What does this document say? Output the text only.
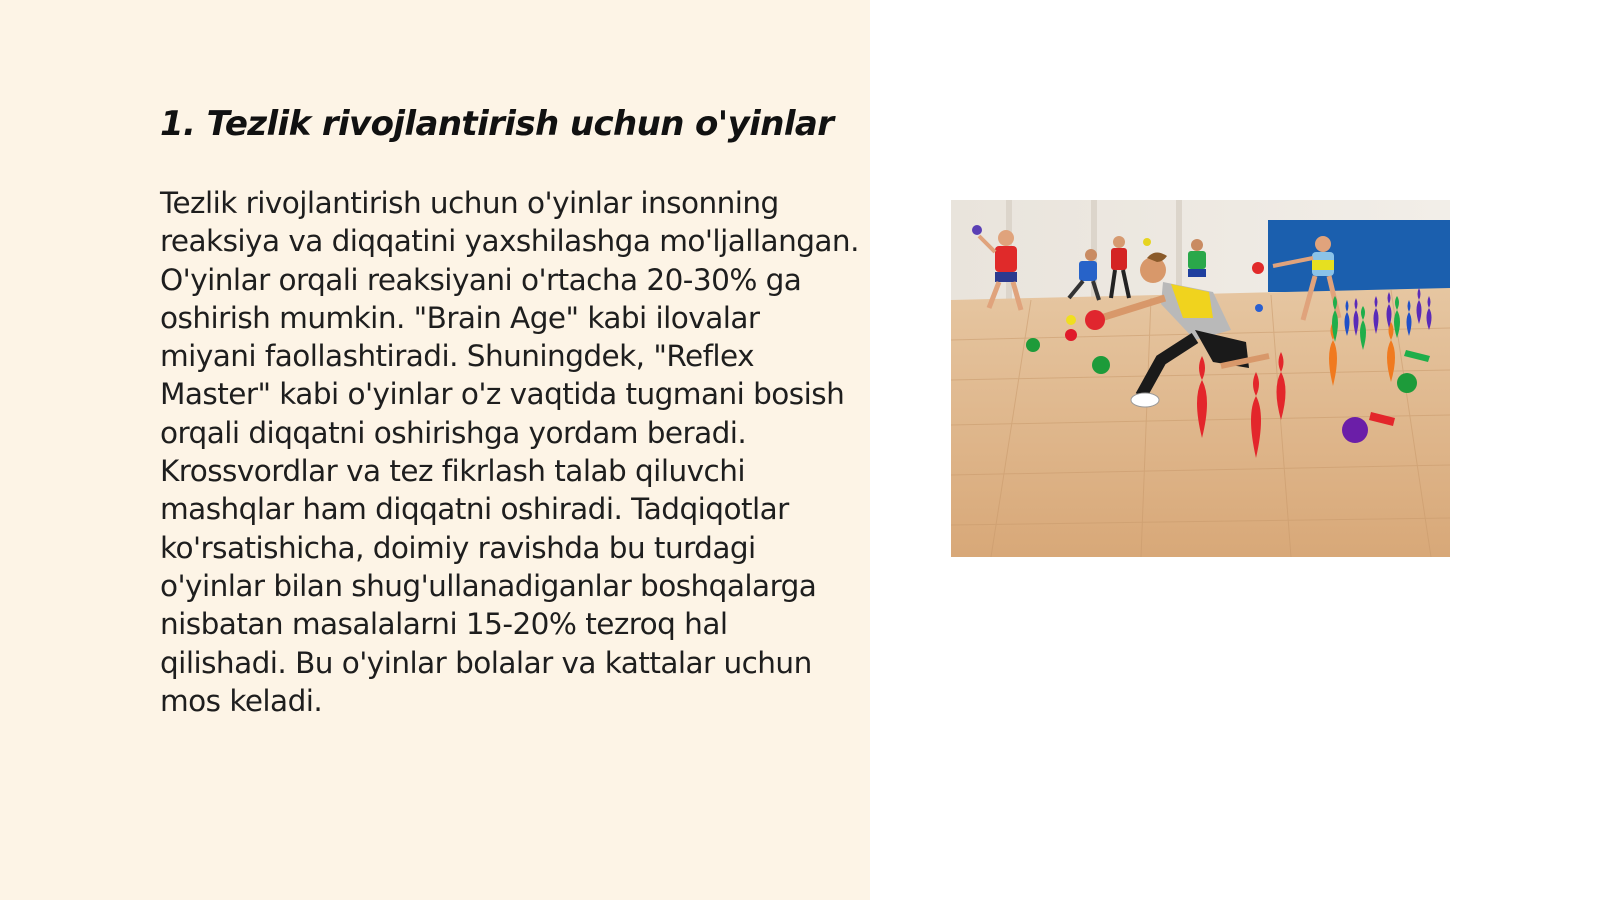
1. Tezlik rivojlantirish uchun o'yinlar

Tezlik rivojlantirish uchun o'yinlar insonning reaksiya va diqqatini yaxshilashga mo'ljallangan. O'yinlar orqali reaksiyani o'rtacha 20-30% ga oshirish mumkin. "Brain Age" kabi ilovalar miyani faollashtiradi. Shuningdek, "Reflex Master" kabi o'yinlar o'z vaqtida tugmani bosish orqali diqqatni oshirishga yordam beradi. Krossvordlar va tez fikrlash talab qiluvchi mashqlar ham diqqatni oshiradi. Tadqiqotlar ko'rsatishicha, doimiy ravishda bu turdagi o'yinlar bilan shug'ullanadiganlar boshqalarga nisbatan masalalarni 15-20% tezroq hal qilishadi. Bu o'yinlar bolalar va kattalar uchun mos keladi.
